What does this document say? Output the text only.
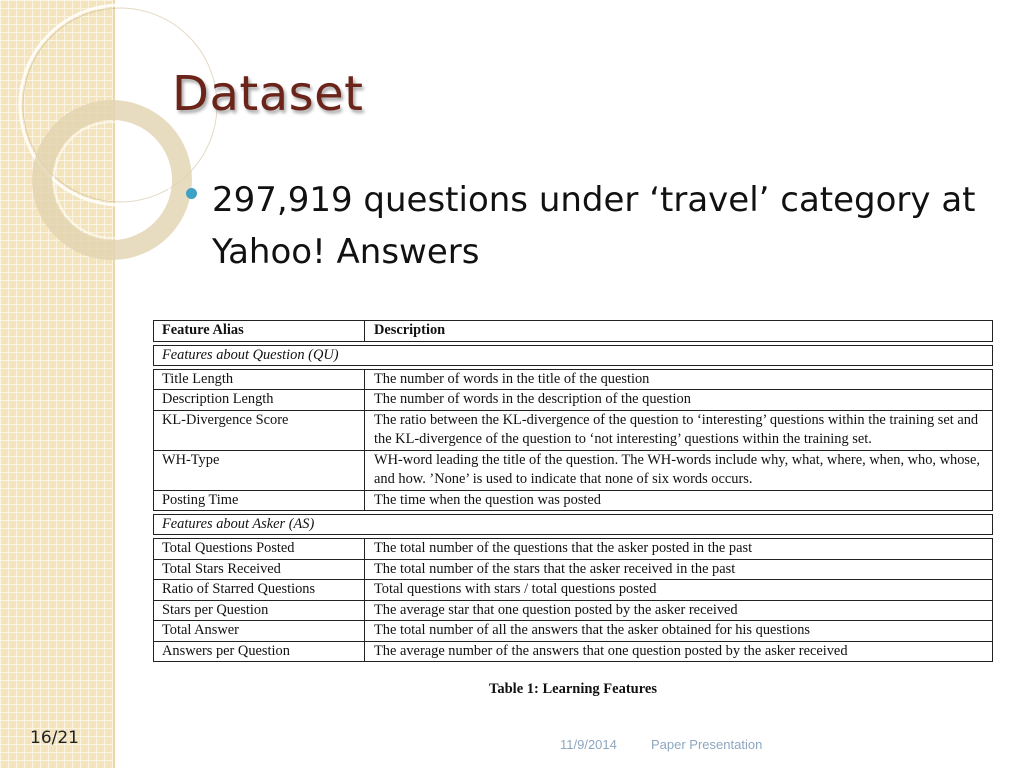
Dataset
297,919 questions under ‘travel’ category at Yahoo! Answers
Feature Alias	Description
Features about Question (QU)
Title Length	The number of words in the title of the question
Description Length	The number of words in the description of the question
KL-Divergence Score	The ratio between the KL-divergence of the question to ‘interesting’ questions within the training set and the KL-divergence of the question to ‘not interesting’ questions within the training set.
WH-Type	WH-word leading the title of the question. The WH-words include why, what, where, when, who, whose, and how. ’None’ is used to indicate that none of six words occurs.
Posting Time	The time when the question was posted
Features about Asker (AS)
Total Questions Posted	The total number of the questions that the asker posted in the past
Total Stars Received	The total number of the stars that the asker received in the past
Ratio of Starred Questions	Total questions with stars / total questions posted
Stars per Question	The average star that one question posted by the asker received
Total Answer	The total number of all the answers that the asker obtained for his questions
Answers per Question	The average number of the answers that one question posted by the asker received
Table 1: Learning Features
16/21	11/9/2014	Paper Presentation
